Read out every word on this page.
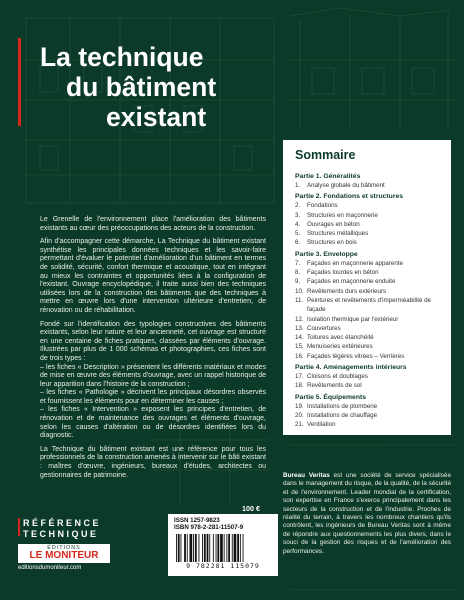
La technique
du bâtiment
existant
Sommaire
Partie 1. Généralités
1.	Analyse globale du bâtiment
Partie 2. Fondations et structures
2.	Fondations
3.	Structures en maçonnerie
4.	Ouvrages en béton
5.	Structures métalliques
6.	Structures en bois
Partie 3. Enveloppe
7.	Façades en maçonnerie apparente
8.	Façades lourdes en béton
9.	Façades en maçonnerie enduite
10. Revêtements durs extérieurs
11. Peintures et revêtements d'imperméabilité de façade
12. Isolation thermique par l'extérieur
13. Couvertures
14. Toitures avec étanchéité
15. Menuiseries extérieures
16. Façades légères vitrées – Verrières
Partie 4. Aménagements intérieurs
17. Cloisons et doublages
18. Revêtements de sol
Partie 5. Équipements
19. Installations de plomberie
20. Installations de chauffage
21. Ventilation

Le Grenelle de l'environnement place l'amélioration des bâtiments existants au cœur des préoccupations des acteurs de la construction.

Afin d'accompagner cette démarche, La Technique du bâtiment existant synthétise les principales données techniques et les savoir-faire permettant d'évaluer le potentiel d'amélioration d'un bâtiment en termes de solidité, sécurité, confort thermique et acoustique, tout en intégrant au mieux les contraintes et opportunités liées à la configuration de l'existant. Ouvrage encyclopédique, il traite aussi bien des techniques utilisées lors de la construction des bâtiments que des techniques à mettre en œuvre lors d'une intervention ultérieure d'entretien, de rénovation ou de réhabilitation.

Fondé sur l'identification des typologies constructives des bâtiments existants, selon leur nature et leur ancienneté, cet ouvrage est structuré en une centaine de fiches pratiques, classées par éléments d'ouvrage. Illustrées par plus de 1 000 schémas et photographies, ces fiches sont de trois types :

– les fiches « Description » présentent les différents matériaux et modes de mise en œuvre des éléments d'ouvrage, avec un rappel historique de leur apparition dans l'histoire de la construction ;

– les fiches « Pathologie » décrivent les principaux désordres observés et fournissent les éléments pour en déterminer les causes ;

– les fiches « Intervention » exposent les principes d'entretien, de rénovation et de maintenance des ouvrages et éléments d'ouvrage, selon les causes d'altération ou de désordres identifiées lors du diagnostic.

La Technique du bâtiment existant est une référence pour tous les professionnels de la construction amenés à intervenir sur le bâti existant : maîtres d'œuvre, ingénieurs, bureaux d'études, architectes ou gestionnaires de patrimoine.

100 €
Bureau Veritas est une société de service spécialisée dans le management du risque, de la qualité, de la sécurité et de l'environnement. Leader mondial de la certification, son expertise en France s'exerce principalement dans les secteurs de la construction et de l'industrie. Proches de réalité du terrain, à travers les nombreux chantiers qu'ils contrôlent, les ingénieurs de Bureau Veritas sont à même de répondre aux questionnements les plus divers, dans le souci de la gestion des risques et de l'amélioration des performances.
RÉFÉRENCE
TECHNIQUE
ÉDITIONS
LE MONITEUR
editionsdumoniteur.com
ISSN 1257-9823
ISBN 978-2-281-11507-9
9 782281 115079
